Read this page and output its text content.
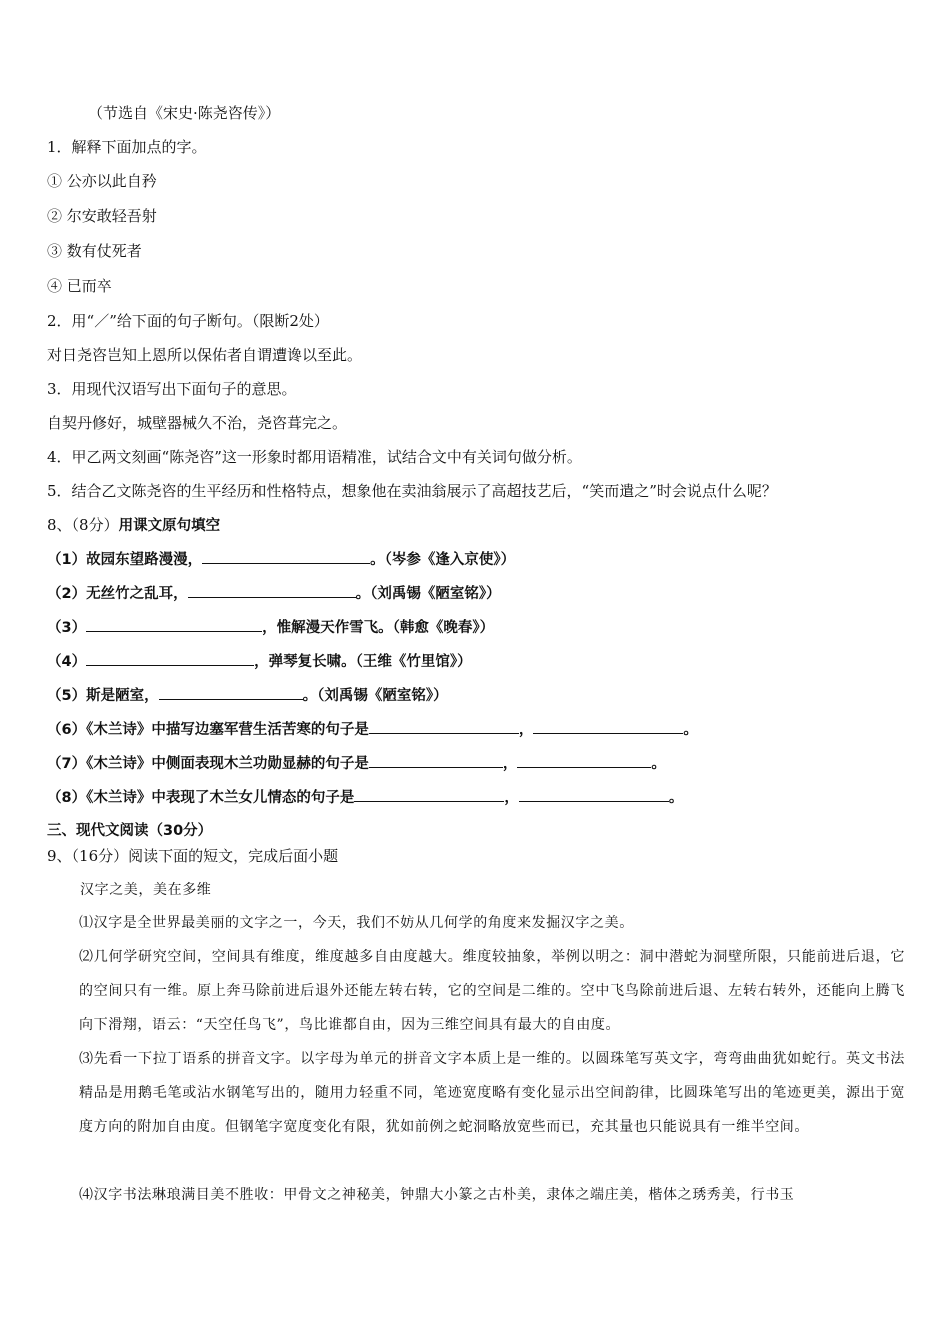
（节选自《宋史·陈尧咨传》）
1．解释下面加点的字。
① 公亦以此自矜
② 尔安敢轻吾射
③ 数有仗死者
④ 已而卒
2．用“／”给下面的句子断句。（限断2处）
对日尧咨岂知上恩所以保佑者自谓遭谗以至此。
3．用现代汉语写出下面句子的意思。
自契丹修好，城壁器械久不治，尧咨葺完之。
4．甲乙两文刻画“陈尧咨”这一形象时都用语精准，试结合文中有关词句做分析。
5．结合乙文陈尧咨的生平经历和性格特点，想象他在卖油翁展示了高超技艺后，“笑而遣之”时会说点什么呢？
8、（8分）用课文原句填空
（1）故园东望路漫漫，	。（岑参《逢入京使》）
（2）无丝竹之乱耳，	。（刘禹锡《陋室铭》）
（3）	，惟解漫天作雪飞。（韩愈《晚春》）
（4）	，弹琴复长啸。（王维《竹里馆》）
（5）斯是陋室，	。（刘禹锡《陋室铭》）
（6）《木兰诗》中描写边塞军营生活苦寒的句子是	，	。
（7）《木兰诗》中侧面表现木兰功勋显赫的句子是	，	。
（8）《木兰诗》中表现了木兰女儿情态的句子是	，	。
三、现代文阅读（30分）
9、（16分）阅读下面的短文，完成后面小题
汉字之美，美在多维
⑴汉字是全世界最美丽的文字之一，今天，我们不妨从几何学的角度来发掘汉字之美。
⑵几何学研究空间，空间具有维度，维度越多自由度越大。维度较抽象，举例以明之：洞中潜蛇为洞壁所限，只能前进后退，它的空间只有一维。原上奔马除前进后退外还能左转右转，它的空间是二维的。空中飞鸟除前进后退、左转右转外，还能向上腾飞向下滑翔，语云：“天空任鸟飞”，鸟比谁都自由，因为三维空间具有最大的自由度。
⑶先看一下拉丁语系的拼音文字。以字母为单元的拼音文字本质上是一维的。以圆珠笔写英文字，弯弯曲曲犹如蛇行。英文书法精品是用鹅毛笔或沾水钢笔写出的，随用力轻重不同，笔迹宽度略有变化显示出空间韵律，比圆珠笔写出的笔迹更美，源出于宽度方向的附加自由度。但钢笔字宽度变化有限，犹如前例之蛇洞略放宽些而已，充其量也只能说具有一维半空间。
⑷汉字书法琳琅满目美不胜收：甲骨文之神秘美，钟鼎大小篆之古朴美，隶体之端庄美，楷体之琇秀美，行书玉
